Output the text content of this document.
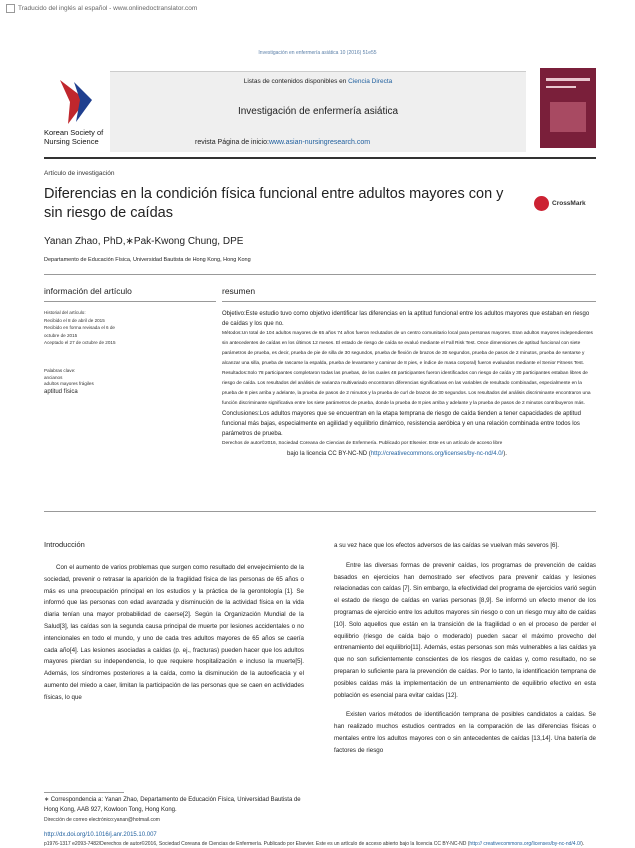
Traducido del inglés al español - www.onlinedoctranslator.com
Investigación en enfermería asiática 10 (2016) 51e55
Korean Society of
Nursing Science
Listas de contenidos disponibles en Ciencia Directa
Investigación de enfermería asiática
revista Página de inicio:www.asian-nursingresearch.com
Artículo de investigación
Diferencias en la condición física funcional entre adultos mayores con y sin riesgo de caídas
CrossMark
Yanan Zhao, PhD,∗Pak-Kwong Chung, DPE
Departamento de Educación Física, Universidad Bautista de Hong Kong, Hong Kong
información del artículo
Historial del artículo:
Recibido el 8 de abril de 2015
Recibido en forma revisada el 6 de
octubre de 2015
Aceptado el 27 de octubre de 2015
Palabras clave:
ancianos
adultos mayores frágiles
aptitud física
resumen

Objetivo:Este estudio tuvo como objetivo identificar las diferencias en la aptitud funcional entre los adultos mayores que estaban en riesgo de caídas y los que no.

Métodos:Un total de 104 adultos mayores de 65 años 74 años fueron reclutados de un centro comunitario local para personas mayores. Eran adultos mayores independientes sin antecedentes de caídas en los últimos 12 meses. El estado de riesgo de caída se evaluó mediante el Fall Risk Test. Once dimensiones de aptitud funcional con siete parámetros de prueba, es decir, prueba de pie de silla de 30 segundos, prueba de flexión de brazos de 30 segundos, prueba de pasos de 2 minutos, prueba de sentarse y alcanzar una silla, prueba de rascarse la espalda, prueba de levantarse y caminar de 8 pies, e índice de masa corporal) fueron evaluados mediante el Senior Fitness Test.

Resultados:Solo 78 participantes completaron todas las pruebas, de los cuales 48 participantes fueron identificados con riesgo de caída y 30 participantes estaban libres de riesgo de caída. Los resultados del análisis de varianza multivariado encontraron diferencias significativas en las variables de resultado combinadas, especialmente en la prueba de 8 pies arriba y adelante, la prueba de pasos de 2 minutos y la prueba de curl de brazos de 30 segundos. Los resultados del análisis discriminante encontraron una función discriminante significativa entre los siete parámetros de prueba, donde la prueba de 8 pies arriba y adelante y la prueba de pasos de 2 minutos contribuyeron más.

Conclusiones:Los adultos mayores que se encuentran en la etapa temprana de riesgo de caída tienden a tener capacidades de aptitud funcional más bajas, especialmente en agilidad y equilibrio dinámico, resistencia aeróbica y en una relación combinada entre todos los parámetros de prueba.

Derechos de autor©2016, Sociedad Coreana de Ciencias de Enfermería. Publicado por Elsevier. Este es un artículo de acceso libre

bajo la licencia CC BY-NC-ND (http://creativecommons.org/licenses/by-nc-nd/4.0/).

Introducción
Con el aumento de varios problemas que surgen como resultado del envejecimiento de la sociedad, prevenir o retrasar la aparición de la fragilidad física de las personas de 65 años o más es una preocupación principal en los estudios y la práctica de la gerontología [1]. Se informó que las personas con edad avanzada y disminución de la actividad física en la vida diaria tenían una mayor probabilidad de caerse[2]. Según la Organización Mundial de la Salud[3], las caídas son la segunda causa principal de muerte por lesiones accidentales o no intencionales en todo el mundo, y uno de cada tres adultos mayores de 65 años se caería cada año[4]. Las lesiones asociadas a caídas (p. ej., fracturas) pueden hacer que los adultos mayores pierdan su independencia, lo que requiere hospitalización e incluso la muerte[5]. Además, los síndromes posteriores a la caída, como la disminución de la autoeficacia y el aumento del miedo a caer, limitan la participación de las personas que se caen en actividades físicas, lo que

a su vez hace que los efectos adversos de las caídas se vuelvan más severos [6].

Entre las diversas formas de prevenir caídas, los programas de prevención de caídas basados en ejercicios han demostrado ser efectivos para prevenir caídas y lesiones relacionadas con caídas [7]. Sin embargo, la efectividad del programa de ejercicios varió según el estado de riesgo de caídas en varias personas [8,9]. Se informó un efecto menor de los programas de ejercicio entre los adultos mayores sin riesgo o con un riesgo muy alto de caídas [10]. Solo aquellos que están en la transición de la fragilidad o en el proceso de perder el equilibrio (riesgo de caída bajo o moderado) pueden sacar el máximo provecho del entrenamiento del equilibrio[11]. Además, estas personas son más vulnerables a las caídas ya que no son suficientemente conscientes de los riesgos de caídas y, como resultado, no se preparan lo suficiente para la prevención de caídas. Por lo tanto, la identificación temprana de posibles caídas más la implementación de un entrenamiento de equilibrio efectivo en esta población es esencial para evitar caídas [12].

Existen varios métodos de identificación temprana de posibles candidatos a caídas. Se han realizado muchos estudios centrados en la comparación de las diferencias físicas o mentales entre los adultos mayores con o sin antecedentes de caídas [13,14]. Una batería de factores de riesgo

∗ Correspondencia a: Yanan Zhao, Departamento de Educación Física, Universidad Bautista de Hong Kong, AAB 927, Kowloon Tong, Hong Kong.
Dirección de correo electrónico:yanan@hotmail.com
http://dx.doi.org/10.1016/j.anr.2015.10.007
p1976-1317 e2093-7482/Derechos de autor©2016, Sociedad Coreana de Ciencias de Enfermería. Publicado por Elsevier. Este es un artículo de acceso abierto bajo la licencia CC BY-NC-ND (http:// creativecommons.org/licenses/by-nc-nd/4.0/).
